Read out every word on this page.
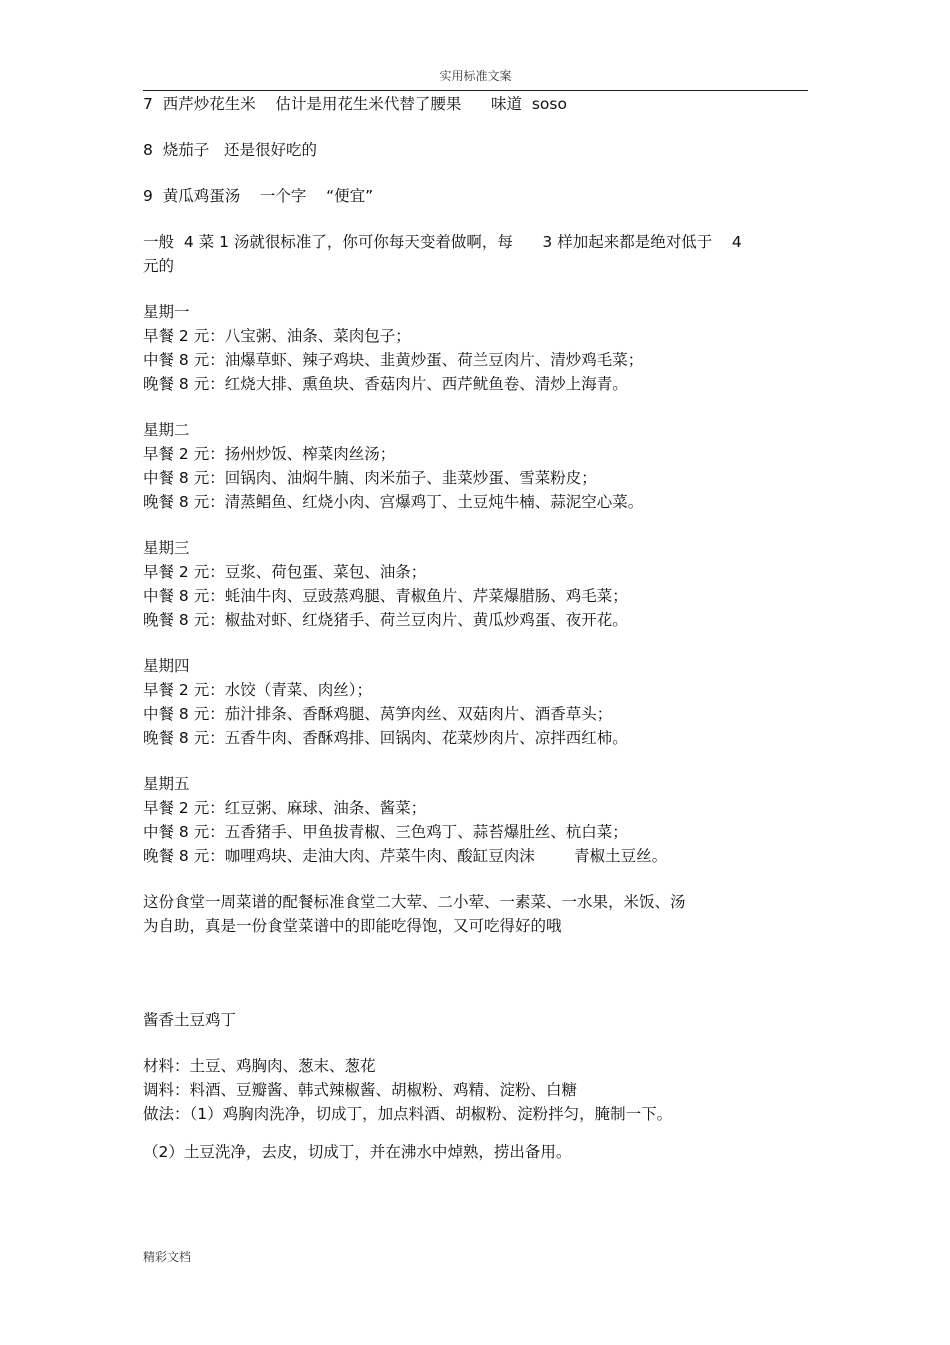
实用标准文案
7  西芹炒花生米    估计是用花生米代替了腰果      味道  soso
8  烧茄子   还是很好吃的
9  黄瓜鸡蛋汤    一个字    “便宜”
一般  4 菜 1 汤就很标准了，你可你每天变着做啊，每      3 样加起来都是绝对低于    4
元的
星期一
早餐 2 元：八宝粥、油条、菜肉包子；
中餐 8 元：油爆草虾、辣子鸡块、韭黄炒蛋、荷兰豆肉片、清炒鸡毛菜；
晚餐 8 元：红烧大排、熏鱼块、香菇肉片、西芹鱿鱼卷、清炒上海青。
星期二
早餐 2 元：扬州炒饭、榨菜肉丝汤；
中餐 8 元：回锅肉、油焖牛腩、肉米茄子、韭菜炒蛋、雪菜粉皮；
晚餐 8 元：清蒸鲳鱼、红烧小肉、宫爆鸡丁、土豆炖牛楠、蒜泥空心菜。
星期三
早餐 2 元：豆浆、荷包蛋、菜包、油条；
中餐 8 元：蚝油牛肉、豆豉蒸鸡腿、青椒鱼片、芹菜爆腊肠、鸡毛菜；
晚餐 8 元：椒盐对虾、红烧猪手、荷兰豆肉片、黄瓜炒鸡蛋、夜开花。
星期四
早餐 2 元：水饺（青菜、肉丝）；
中餐 8 元：茄汁排条、香酥鸡腿、莴笋肉丝、双菇肉片、酒香草头；
晚餐 8 元：五香牛肉、香酥鸡排、回锅肉、花菜炒肉片、凉拌西红柿。
星期五
早餐 2 元：红豆粥、麻球、油条、酱菜；
中餐 8 元：五香猪手、甲鱼拔青椒、三色鸡丁、蒜苔爆肚丝、杭白菜；
晚餐 8 元：咖哩鸡块、走油大肉、芹菜牛肉、酸缸豆肉沫        青椒土豆丝。
这份食堂一周菜谱的配餐标准食堂二大荤、二小荤、一素菜、一水果，米饭、汤
为自助，真是一份食堂菜谱中的即能吃得饱，又可吃得好的哦
酱香土豆鸡丁
材料：土豆、鸡胸肉、葱末、葱花
调料：料酒、豆瓣酱、韩式辣椒酱、胡椒粉、鸡精、淀粉、白糖
做法：（1）鸡胸肉洗净，切成丁，加点料酒、胡椒粉、淀粉拌匀，腌制一下。
（2）土豆洗净，去皮，切成丁，并在沸水中焯熟，捞出备用。
精彩文档
